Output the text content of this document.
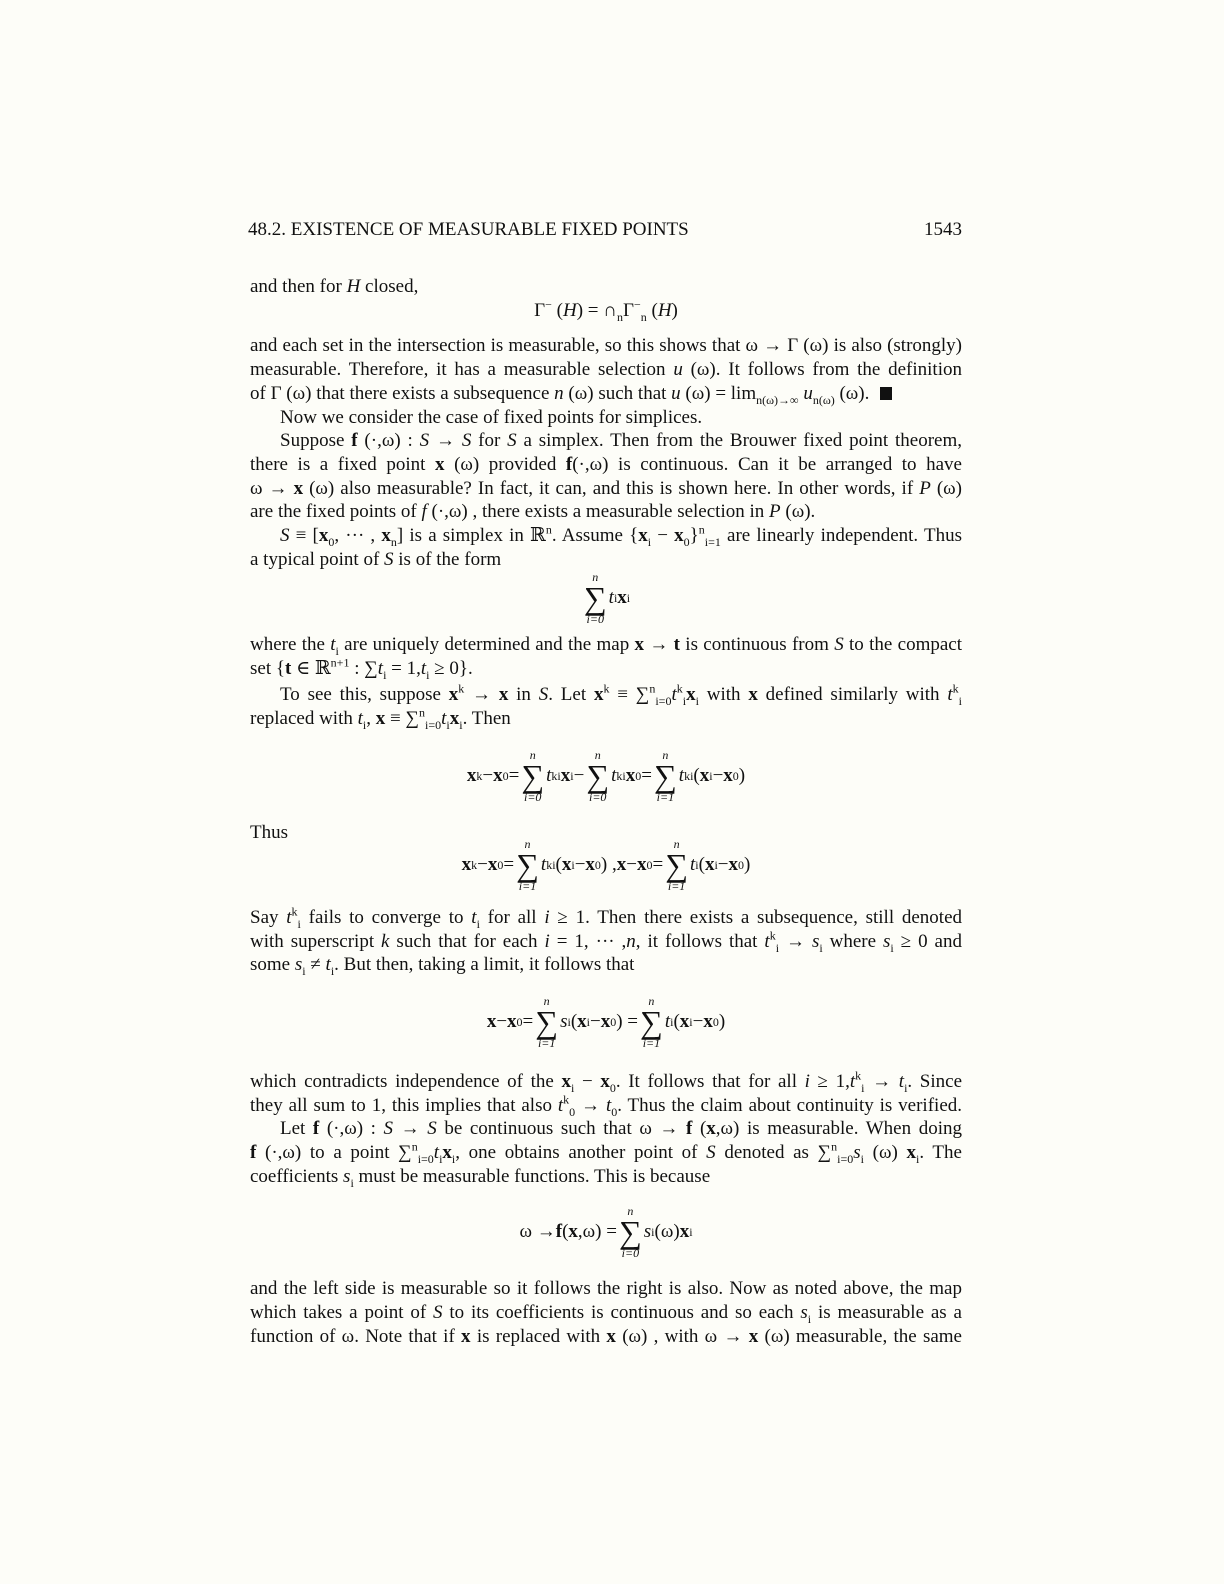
48.2. EXISTENCE OF MEASURABLE FIXED POINTS	1543
and then for H closed,
Γ− $(H) = \cap_n\Gamma^-_n$ (H)
and each set in the intersection is measurable, so this shows that ω → Γ (ω) is also (strongly)
measurable. Therefore, it has a measurable selection u (ω). It follows from the definition
of Γ (ω) that there exists a subsequence n (ω) such that u $(\omega) = \lim_{n(\omega)\to\infty} u_{n(\omega)}$ (ω).
Now we consider the case of fixed points for simplices.
Suppose f (·,ω) : S → S for S a simplex. Then from the Brouwer fixed point theorem,
there is a fixed point x (ω) provided f(·,ω) is continuous. Can it be arranged to have
ω → x (ω) also measurable? In fact, it can, and this is shown here. In other words, if P (ω)
are the fixed points of f (·,ω) , there exists a measurable selection in P (ω).
$S \equiv [x_0$, ··· , $x_n$] is a simplex in ℝ$^n$. Assume $\{x_i - x_0\}^n_{i=1}$ are linearly independent. Thus
a typical point of S is of the form
where the $t_i$ are uniquely determined and the map x → t is continuous from S to the compact
set {t ∈ ℝ$^{n+1}$ : $\sum t_i = 1,t_i \ge 0$}.
To see this, suppose $x^k \to x$ in S. Let $x^k \equiv \sum^n_{i=0}t^k_ix_i$ with x defined similarly with $t^k_i$
replaced with $t_i$, $x \equiv \sum^n_{i=0}t_ix_i$. Then
Thus
Say $t^k_i$ fails to converge to $t_i$ for all i ≥ 1. Then there exists a subsequence, still denoted
with superscript k such that for each i = 1, ··· ,n, it follows that $t^k_i \to s_i$ where $s_i \ge 0$ and
some $s_i \ne t_i$. But then, taking a limit, it follows that
which contradicts independence of the $x_i - x_0$. It follows that for all $i \ge 1,t^k_i \to t_i$. Since
they all sum to 1, this implies that also $t^k_0 \to t_0$. Thus the claim about continuity is verified.
Let f (·,ω) : S → S be continuous such that ω → f (x,ω) is measurable. When doing
f (·,ω) to a point $\sum^n_{i=0}t_ix_i$, one obtains another point of S denoted as $\sum^n_{i=0}s_i$ (ω) $x_i$. The
coefficients $s_i$ must be measurable functions. This is because
and the left side is measurable so it follows the right is also. Now as noted above, the map
which takes a point of S to its coefficients is continuous and so each $s_i$ is measurable as a
function of ω. Note that if x is replaced with x (ω) , with ω → x (ω) measurable, the same
n
∑
i=0
t i x i
x k − x 0 =
n
∑
i=0
t k i x i −
n
∑
i=0
t k i x 0 =
n
∑
i=1
t k i ( x i − x 0 )
x k − x 0 =
n
∑
i=1
t k i ( x i − x 0 ) , x − x 0 =
n
∑
i=1
t i ( x i − x 0 )
x − x 0 =
n
∑
i=1
s i ( x i − x 0 ) =
n
∑
i=1
t i ( x i − x 0 )
ω → f ( x ,ω) =
n
∑
i=0
s i (ω) x i
